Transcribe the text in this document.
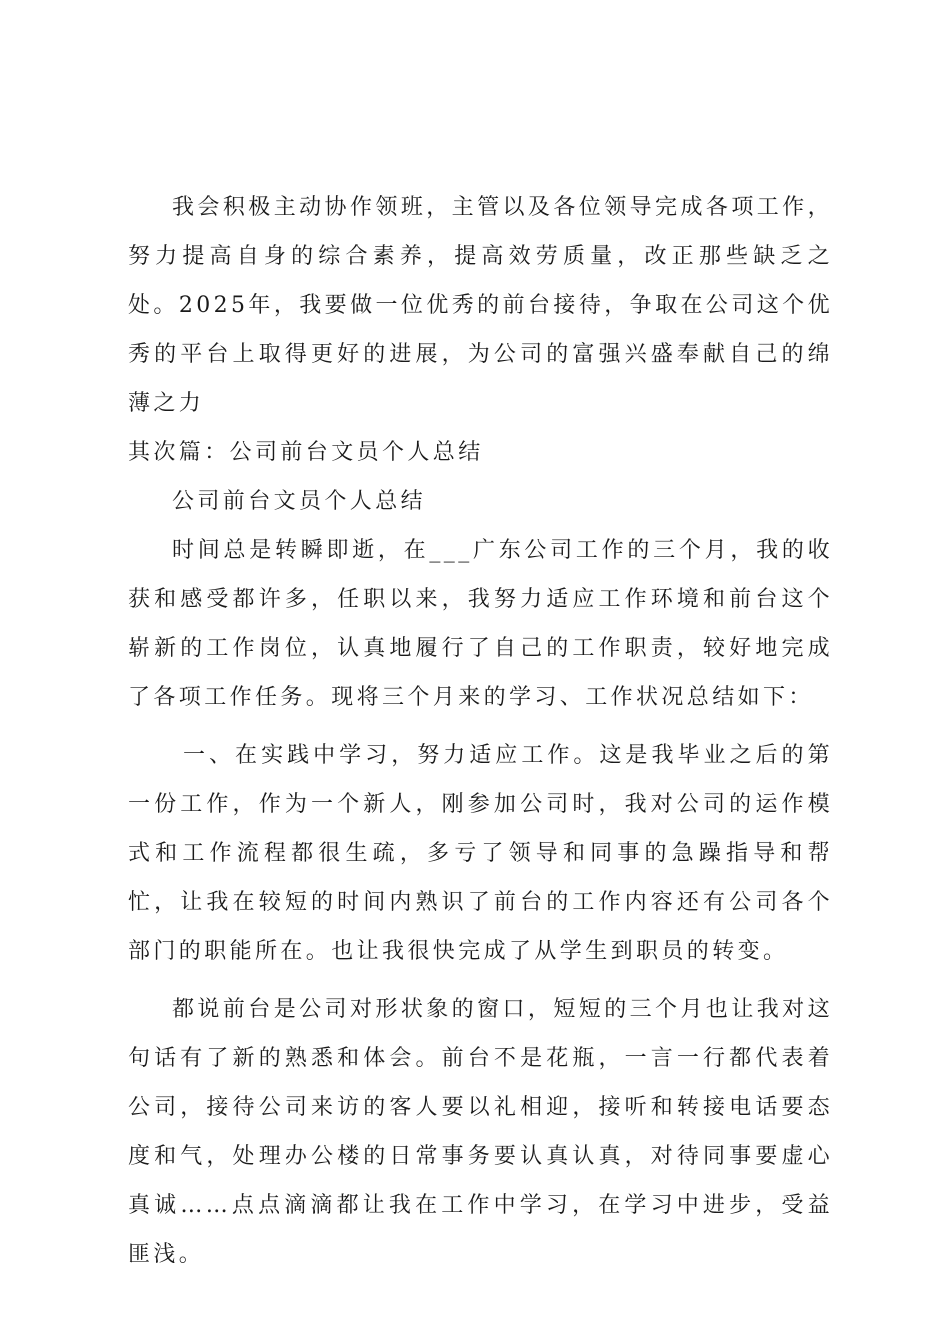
我会积极主动协作领班，主管以及各位领导完成各项工作，努力提高自身的综合素养，提高效劳质量，改正那些缺乏之处。2025年，我要做一位优秀的前台接待，争取在公司这个优秀的平台上取得更好的进展，为公司的富强兴盛奉献自己的绵薄之力

其次篇：公司前台文员个人总结

公司前台文员个人总结

时间总是转瞬即逝，在___广东公司工作的三个月，我的收获和感受都许多，任职以来，我努力适应工作环境和前台这个崭新的工作岗位，认真地履行了自己的工作职责，较好地完成了各项工作任务。现将三个月来的学习、工作状况总结如下：

一、在实践中学习，努力适应工作。这是我毕业之后的第一份工作，作为一个新人，刚参加公司时，我对公司的运作模式和工作流程都很生疏，多亏了领导和同事的急躁指导和帮忙，让我在较短的时间内熟识了前台的工作内容还有公司各个部门的职能所在。也让我很快完成了从学生到职员的转变。

都说前台是公司对形状象的窗口，短短的三个月也让我对这句话有了新的熟悉和体会。前台不是花瓶，一言一行都代表着公司，接待公司来访的客人要以礼相迎，接听和转接电话要态度和气，处理办公楼的日常事务要认真认真，对待同事要虚心真诚……点点滴滴都让我在工作中学习，在学习中进步，受益匪浅。
